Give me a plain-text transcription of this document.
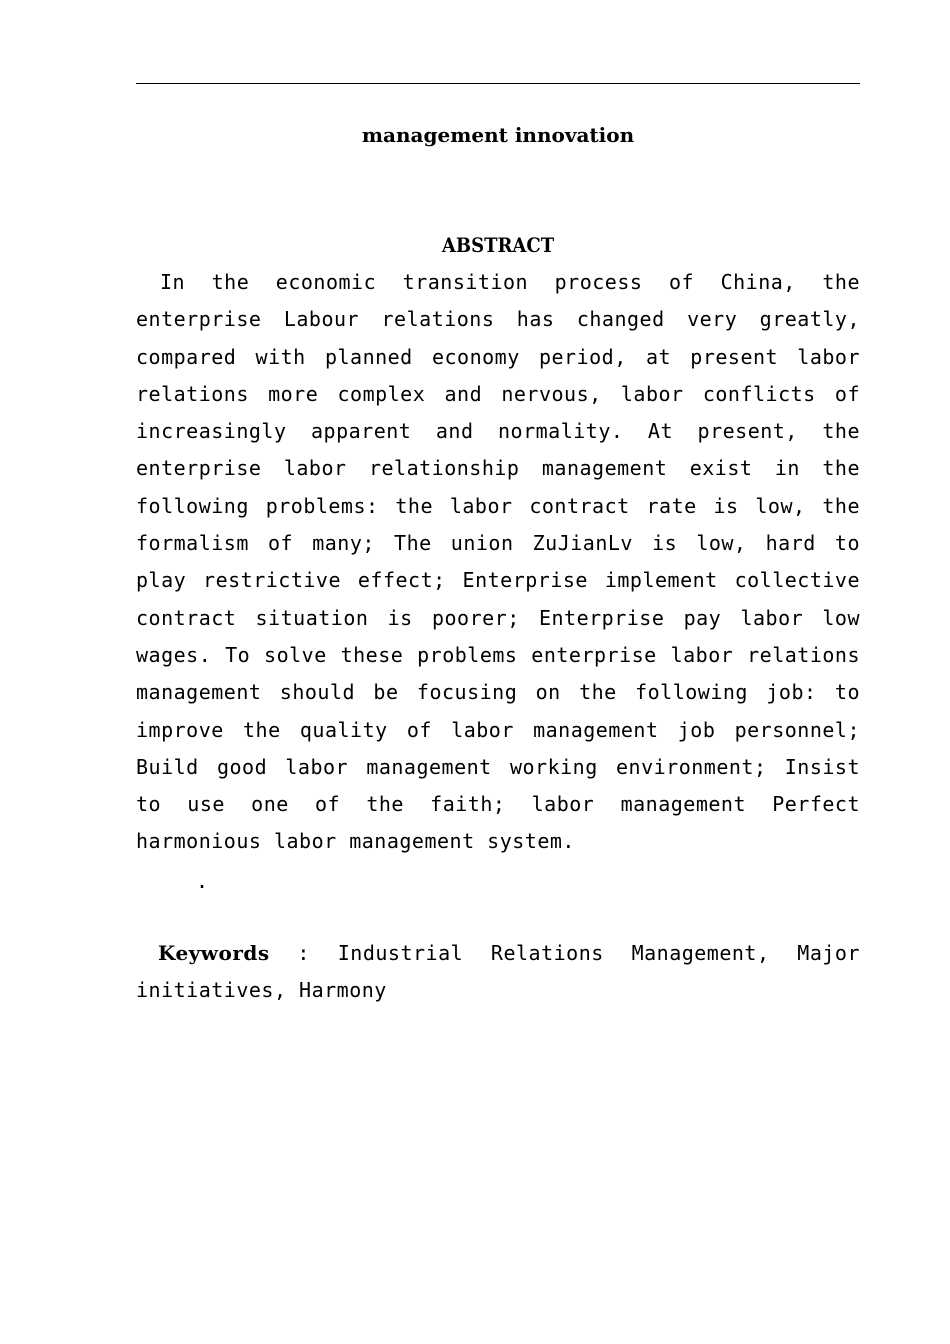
management innovation
ABSTRACT

In the economic transition process of China, the enterprise Labour relations has changed very greatly, compared with planned economy period, at present labor relations more complex and nervous, labor conflicts of increasingly apparent and normality. At present, the enterprise labor relationship management exist in the following problems: the labor contract rate is low, the formalism of many; The union ZuJianLv is low, hard to play restrictive effect; Enterprise implement collective contract situation is poorer; Enterprise pay labor low wages. To solve these problems enterprise labor relations management should be focusing on the following job: to improve the quality of labor management job personnel; Build good labor management working environment; Insist to use one of the faith; labor management Perfect harmonious labor management system.

.

Keywords : Industrial Relations Management, Major initiatives, Harmony
